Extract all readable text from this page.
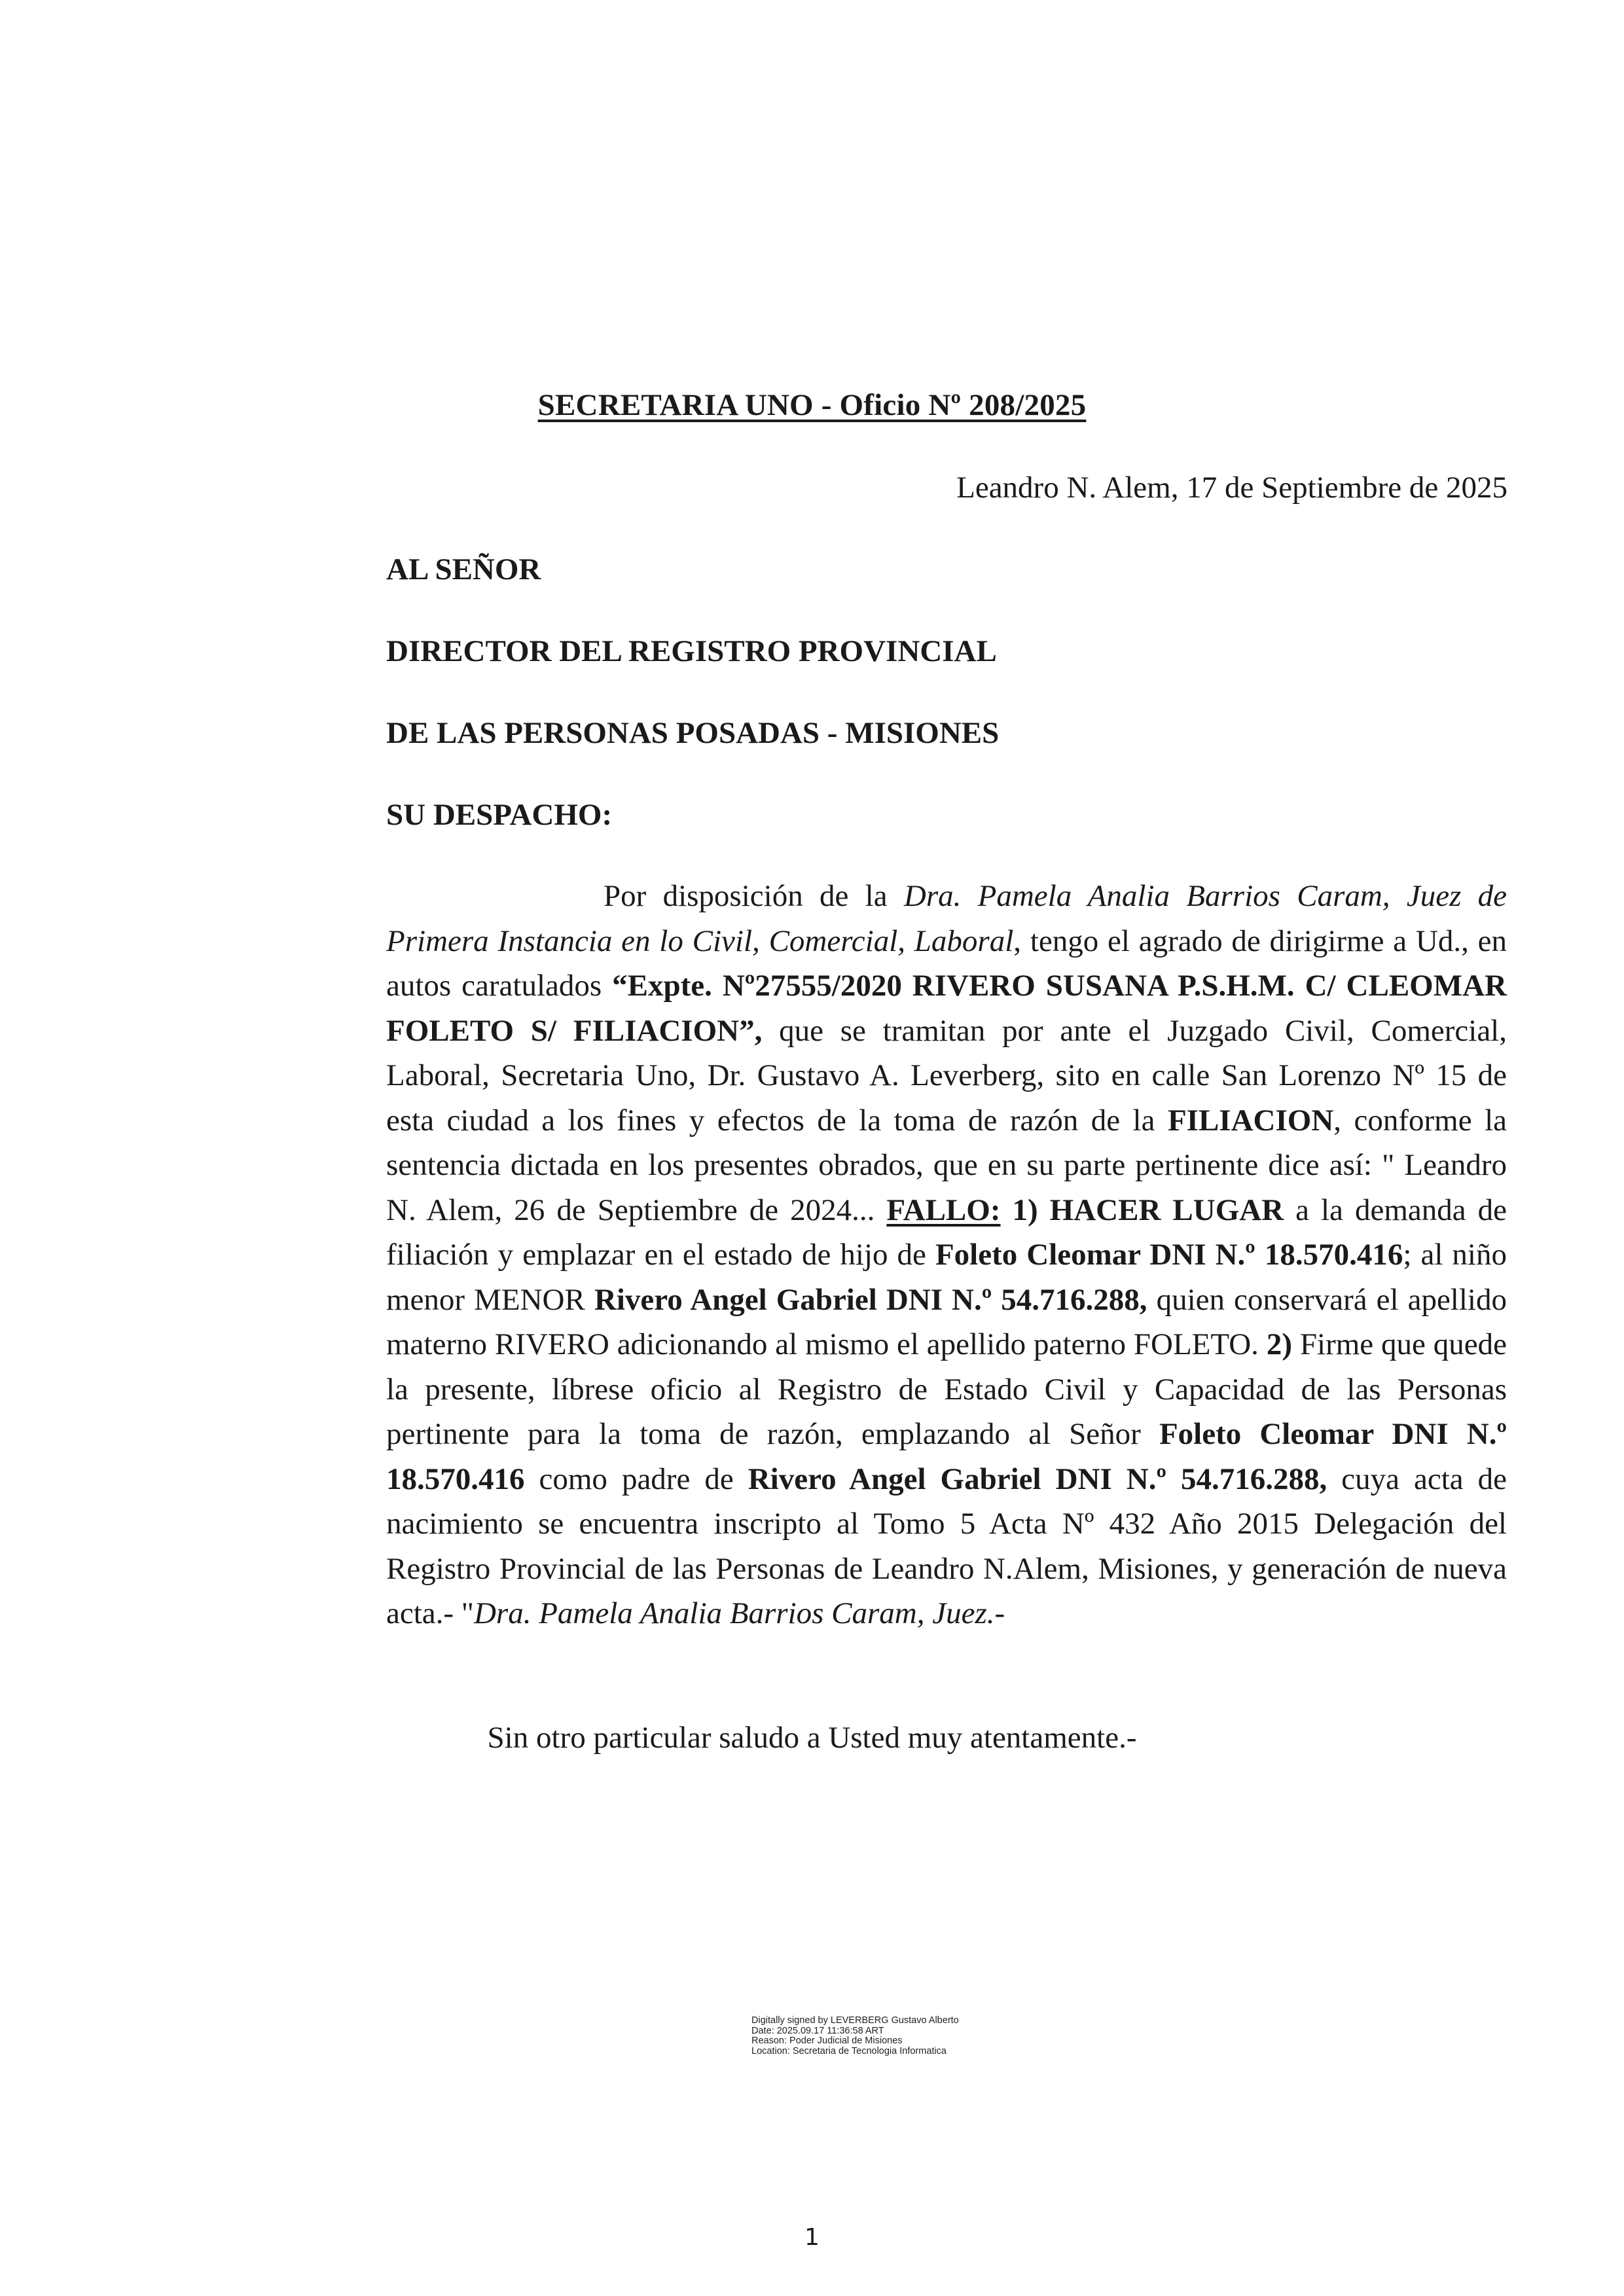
SECRETARIA UNO - Oficio Nº 208/2025
Leandro N. Alem, 17 de Septiembre de 2025
AL SEÑOR
DIRECTOR DEL REGISTRO PROVINCIAL
DE LAS PERSONAS POSADAS - MISIONES
SU DESPACHO:
Por disposición de la Dra. Pamela Analia Barrios Caram, Juez de Primera Instancia en lo Civil, Comercial, Laboral, tengo el agrado de dirigirme a Ud., en autos caratulados “Expte. Nº27555/2020 RIVERO SUSANA P.S.H.M. C/ CLEOMAR FOLETO S/ FILIACION”, que se tramitan por ante el Juzgado Civil, Comercial, Laboral, Secretaria Uno, Dr. Gustavo A. Leverberg, sito en calle San Lorenzo Nº 15 de esta ciudad a los fines y efectos de la toma de razón de la FILIACION, conforme la sentencia dictada en los presentes obrados, que en su parte pertinente dice así: " Leandro N. Alem, 26 de Septiembre de 2024... FALLO: 1) HACER LUGAR a la demanda de filiación y emplazar en el estado de hijo de Foleto Cleomar DNI N.º 18.570.416; al niño menor MENOR Rivero Angel Gabriel DNI N.º 54.716.288, quien conservará el apellido materno RIVERO adicionando al mismo el apellido paterno FOLETO. 2) Firme que quede la presente, líbrese oficio al Registro de Estado Civil y Capacidad de las Personas pertinente para la toma de razón, emplazando al Señor Foleto Cleomar DNI N.º 18.570.416 como padre de Rivero Angel Gabriel DNI N.º 54.716.288, cuya acta de nacimiento se encuentra inscripto al Tomo 5 Acta Nº 432 Año 2015 Delegación del Registro Provincial de las Personas de Leandro N.Alem, Misiones, y generación de nueva acta.- "Dra. Pamela Analia Barrios Caram, Juez.-
Sin otro particular saludo a Usted muy atentamente.-
Digitally signed by LEVERBERG Gustavo Alberto
Date: 2025.09.17 11:36:58 ART
Reason: Poder Judicial de Misiones
Location: Secretaria de Tecnologia Informatica
1
